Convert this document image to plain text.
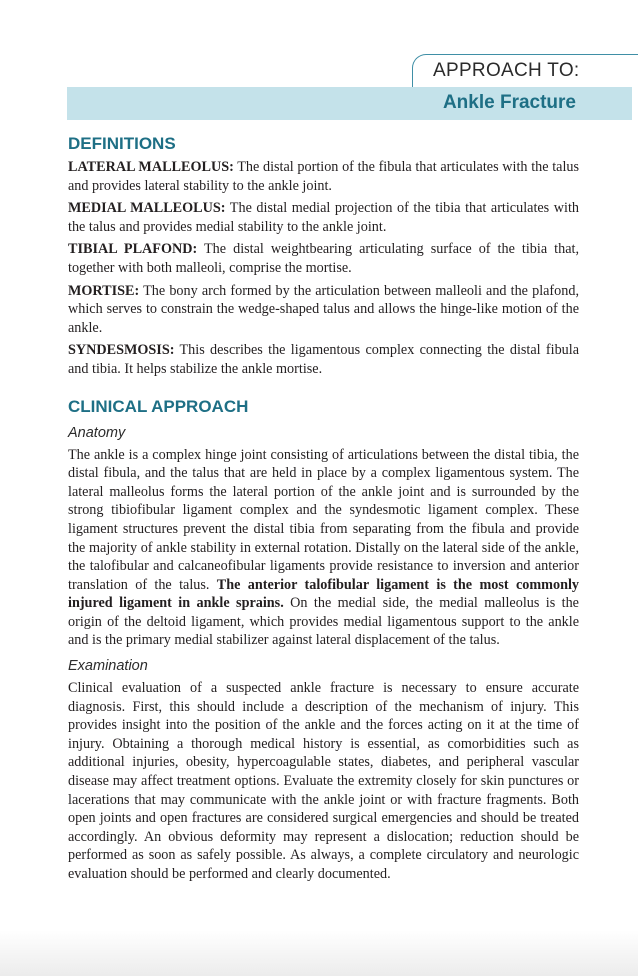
APPROACH TO:
Ankle Fracture
DEFINITIONS

LATERAL MALLEOLUS: The distal portion of the fibula that articulates with the talus and provides lateral stability to the ankle joint.

MEDIAL MALLEOLUS: The distal medial projection of the tibia that articulates with the talus and provides medial stability to the ankle joint.

TIBIAL PLAFOND: The distal weightbearing articulating surface of the tibia that, together with both malleoli, comprise the mortise.

MORTISE: The bony arch formed by the articulation between malleoli and the plafond, which serves to constrain the wedge-shaped talus and allows the hinge-like motion of the ankle.

SYNDESMOSIS: This describes the ligamentous complex connecting the distal fibula and tibia. It helps stabilize the ankle mortise.

CLINICAL APPROACH
Anatomy

The ankle is a complex hinge joint consisting of articulations between the distal tibia, the distal fibula, and the talus that are held in place by a complex ligamentous system. The lateral malleolus forms the lateral portion of the ankle joint and is surrounded by the strong tibiofibular ligament complex and the syndesmotic ligament complex. These ligament structures prevent the distal tibia from separating from the fibula and provide the majority of ankle stability in external rotation. Distally on the lateral side of the ankle, the talofibular and calcaneofibular ligaments provide resistance to inversion and anterior translation of the talus. The anterior talofibular ligament is the most commonly injured ligament in ankle sprains. On the medial side, the medial malleolus is the origin of the deltoid ligament, which provides medial ligamentous support to the ankle and is the primary medial stabilizer against lateral displacement of the talus.

Examination

Clinical evaluation of a suspected ankle fracture is necessary to ensure accurate diagnosis. First, this should include a description of the mechanism of injury. This provides insight into the position of the ankle and the forces acting on it at the time of injury. Obtaining a thorough medical history is essential, as comorbidities such as additional injuries, obesity, hypercoagulable states, diabetes, and peripheral vascular disease may affect treatment options. Evaluate the extremity closely for skin punctures or lacerations that may communicate with the ankle joint or with fracture fragments. Both open joints and open fractures are considered surgical emergencies and should be treated accordingly. An obvious deformity may represent a dislocation; reduction should be performed as soon as safely possible. As always, a complete circulatory and neurologic evaluation should be performed and clearly documented.
